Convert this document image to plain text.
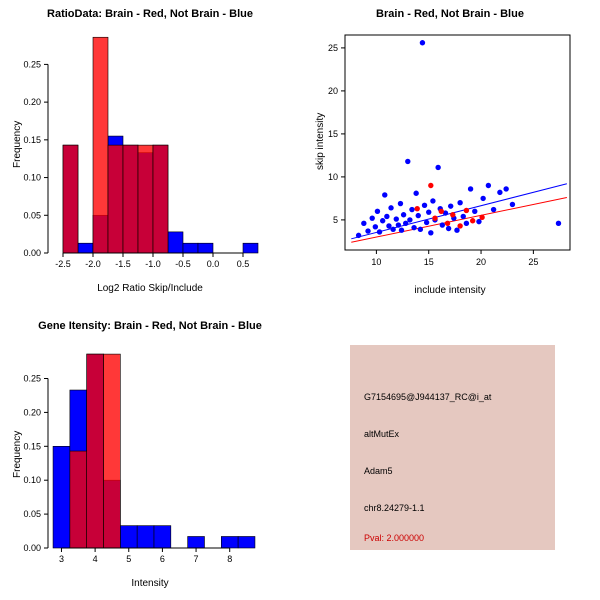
RatioData: Brain - Red, Not Brain - Blue
-2.5 -2.0 -1.5 -1.0 -0.5 0.0 0.5
0.00
0.05
0.10
0.15
0.20
0.25
Log2 Ratio Skip/Include
Frequency
Brain - Red, Not Brain - Blue
10	15	20	25
5
10
15
20
25
include intensity
skip intensity
Gene Itensity: Brain - Red, Not Brain - Blue
3	4	5	6	7	8
0.00
0.05
0.10
0.15
0.20
0.25
Intensity
Frequency
G7154695@J944137_RC@i_at
altMutEx
Adam5
chr8.24279-1.1
Pval: 2.000000
